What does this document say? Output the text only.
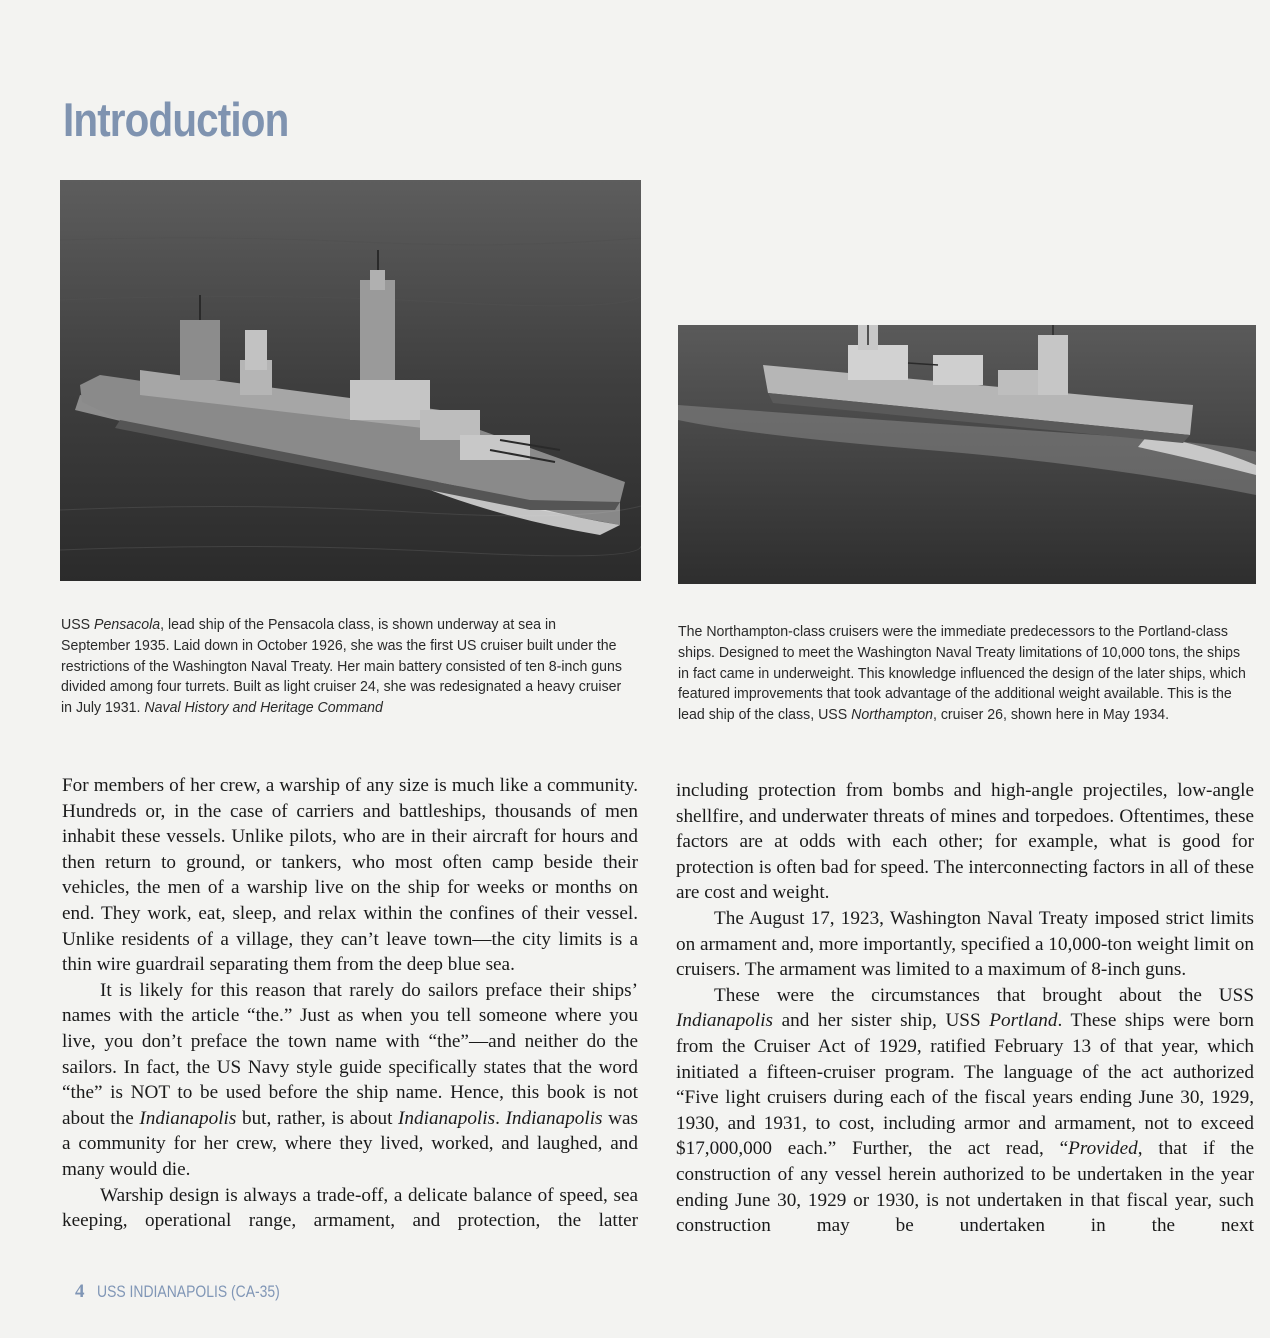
Introduction

USS Pensacola, lead ship of the Pensacola class, is shown underway at sea in September 1935. Laid down in October 1926, she was the first US cruiser built under the restrictions of the Washington Naval Treaty. Her main battery consisted of ten 8-inch guns divided among four turrets. Built as light cruiser 24, she was redesignated a heavy cruiser in July 1931. Naval History and Heritage Command

The Northampton-class cruisers were the immediate predecessors to the Portland-class ships. Designed to meet the Washington Naval Treaty limitations of 10,000 tons, the ships in fact came in underweight. This knowledge influenced the design of the later ships, which featured improvements that took advantage of the additional weight available. This is the lead ship of the class, USS Northampton, cruiser 26, shown here in May 1934.

For members of her crew, a warship of any size is much like a community. Hundreds or, in the case of carriers and battleships, thousands of men inhabit these vessels. Unlike pilots, who are in their aircraft for hours and then return to ground, or tankers, who most often camp beside their vehicles, the men of a warship live on the ship for weeks or months on end. They work, eat, sleep, and relax within the confines of their vessel. Unlike residents of a village, they can’t leave town—the city limits is a thin wire guardrail separating them from the deep blue sea.

It is likely for this reason that rarely do sailors preface their ships’ names with the article “the.” Just as when you tell someone where you live, you don’t preface the town name with “the”—and neither do the sailors. In fact, the US Navy style guide specifically states that the word “the” is NOT to be used before the ship name. Hence, this book is not about the Indianapolis but, rather, is about Indianapolis. Indianapolis was a community for her crew, where they lived, worked, and laughed, and many would die.

Warship design is always a trade-off, a delicate balance of speed, sea keeping, operational range, armament, and protection, the latter

including protection from bombs and high-angle projectiles, low-angle shellfire, and underwater threats of mines and torpedoes. Oftentimes, these factors are at odds with each other; for example, what is good for protection is often bad for speed. The interconnecting factors in all of these are cost and weight.

The August 17, 1923, Washington Naval Treaty imposed strict limits on armament and, more importantly, specified a 10,000-ton weight limit on cruisers. The armament was limited to a maximum of 8-inch guns.

These were the circumstances that brought about the USS Indianapolis and her sister ship, USS Portland. These ships were born from the Cruiser Act of 1929, ratified February 13 of that year, which initiated a fifteen-cruiser program. The language of the act authorized “Five light cruisers during each of the fiscal years ending June 30, 1929, 1930, and 1931, to cost, including armor and armament, not to exceed $17,000,000 each.” Further, the act read, “Provided, that if the construction of any vessel herein authorized to be undertaken in the year ending June 30, 1929 or 1930, is not undertaken in that fiscal year, such construction may be undertaken in the next

4 USS INDIANAPOLIS (CA-35)
